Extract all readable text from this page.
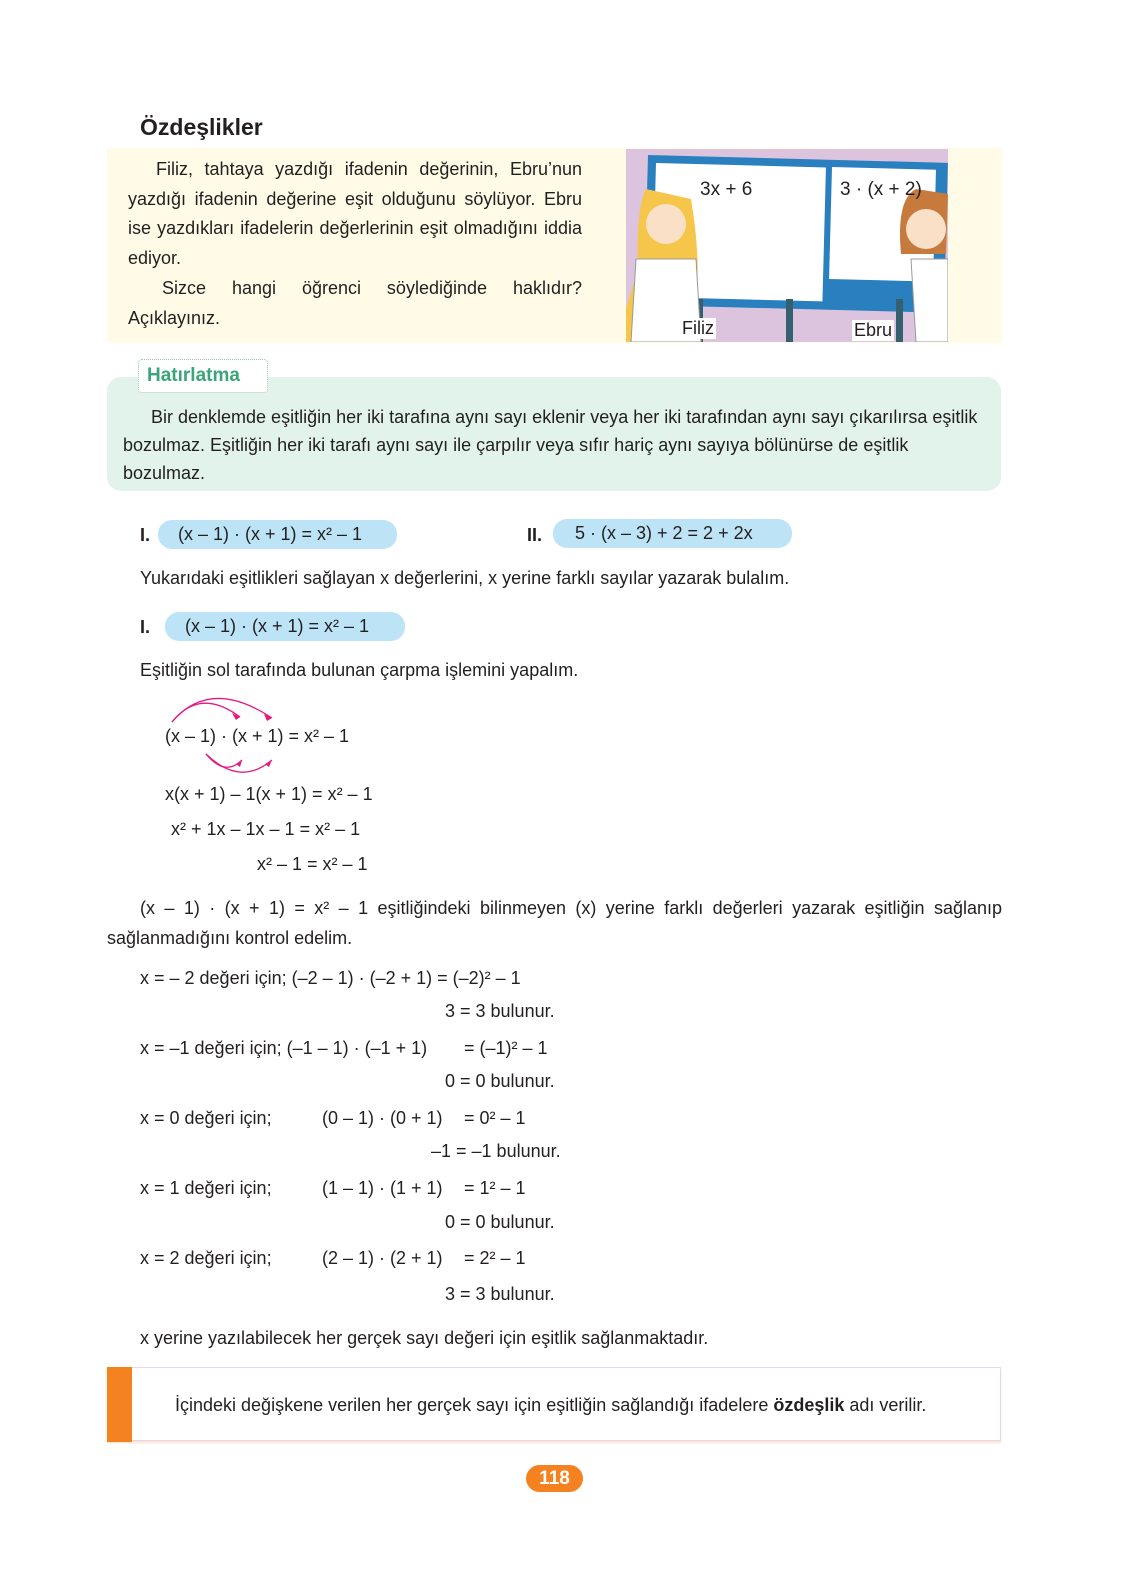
Özdeşlikler

Filiz, tahtaya yazdığı ifadenin değerinin, Ebru’nun yazdığı ifadenin değerine eşit olduğunu söylüyor. Ebru ise yazdıkları ifadelerin değerlerinin eşit olmadığını iddia ediyor.

Sizce hangi öğrenci söylediğinde haklıdır? Açıklayınız.

3x + 6	3 · (x + 2)
Filiz	Ebru
Hatırlatma
Bir denklemde eşitliğin her iki tarafına aynı sayı eklenir veya her iki tarafından aynı sayı çıkarılırsa eşitlik bozulmaz. Eşitliğin her iki tarafı aynı sayı ile çarpılır veya sıfır hariç aynı sayıya bölünürse de eşitlik bozulmaz.
I.	(x – 1) · (x + 1) = x² – 1	II.	5 · (x – 3) + 2 = 2 + 2x
Yukarıdaki eşitlikleri sağlayan x değerlerini, x yerine farklı sayılar yazarak bulalım.
I.	(x – 1) · (x + 1) = x² – 1
Eşitliğin sol tarafında bulunan çarpma işlemini yapalım.
(x – 1) · (x + 1) = x² – 1
x(x + 1) – 1(x + 1) = x² – 1
x² + 1x – 1x – 1 = x² – 1
x² – 1 = x² – 1
(x – 1) · (x + 1) = x² – 1 eşitliğindeki bilinmeyen (x) yerine farklı değerleri yazarak eşitliğin sağlanıp sağlanmadığını kontrol edelim.
x = – 2 değeri için; (–2 – 1) · (–2 + 1) = (–2)² – 1
3 = 3 bulunur.
x = –1 değeri için; (–1 – 1) · (–1 + 1) = (–1)² – 1
0 = 0 bulunur.
x = 0 değeri için;	(0 – 1) · (0 + 1) = 0² – 1
–1 = –1 bulunur.
x = 1 değeri için;	(1 – 1) · (1 + 1) = 1² – 1
0 = 0 bulunur.
x = 2 değeri için;	(2 – 1) · (2 + 1) = 2² – 1
3 = 3 bulunur.
x yerine yazılabilecek her gerçek sayı değeri için eşitlik sağlanmaktadır.
İçindeki değişkene verilen her gerçek sayı için eşitliğin sağlandığı ifadelere özdeşlik adı verilir.
118
